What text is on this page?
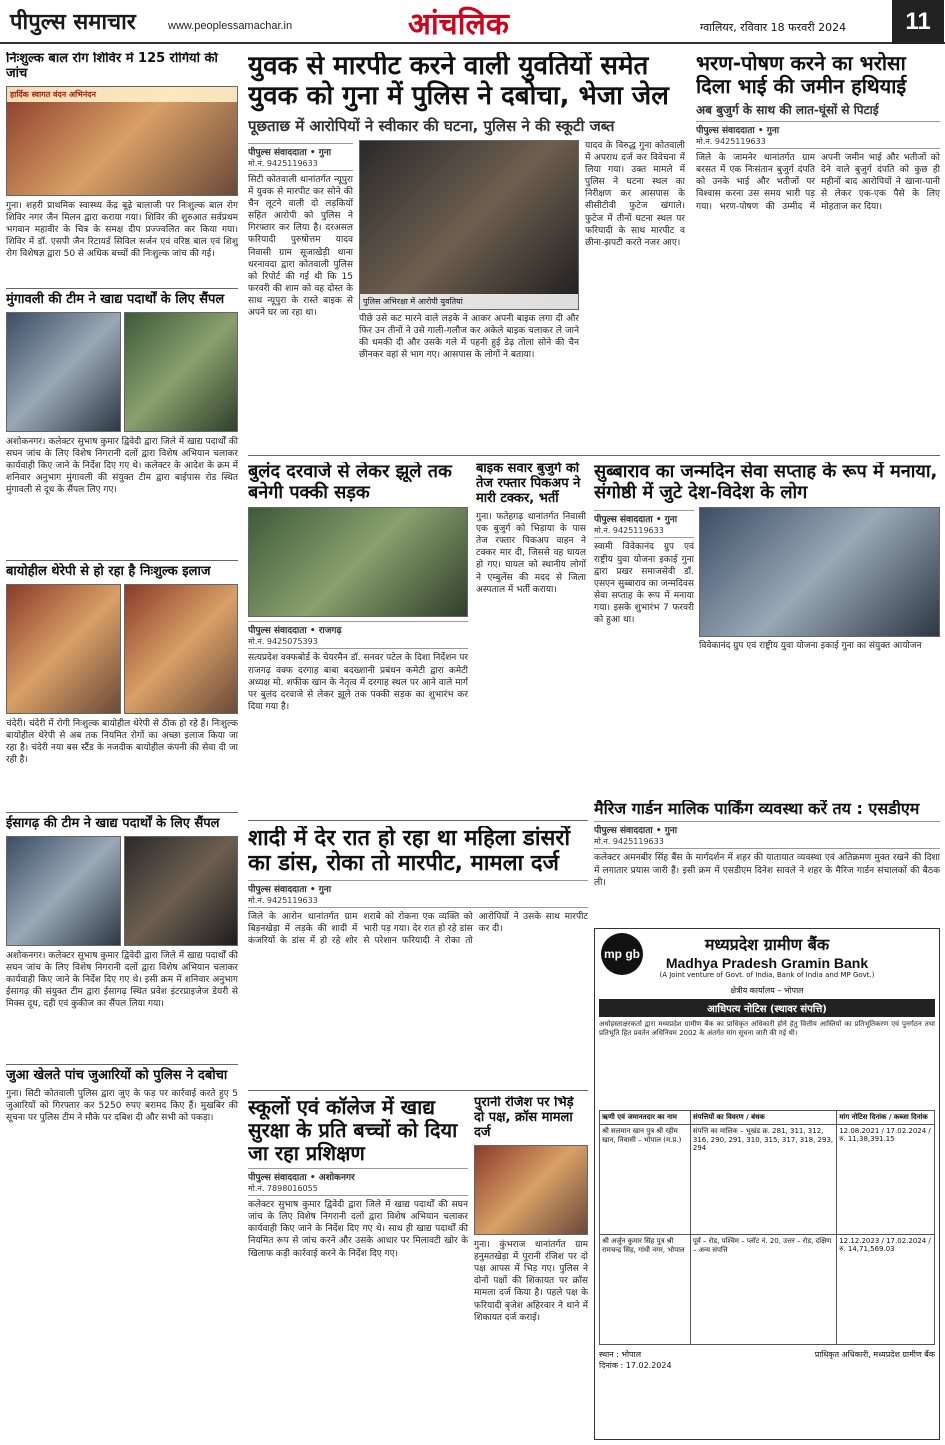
पीपुल्स समाचार	www.peoplessamachar.in	आंचलिक	ग्वालियर, रविवार 18 फरवरी 2024	11
निःशुल्क बाल रोग शिविर में 125 रोगियों की जांच
हार्दिक स्वागत वंदन अभिनंदन
गुना। शहरी प्राथमिक स्वास्थ्य केंद्र बूढ़े बालाजी पर निःशुल्क बाल रोग शिविर नगर जैन मिलन द्वारा कराया गया। शिविर की शुरुआत सर्वप्रथम भगवान महावीर के चित्र के समक्ष दीप प्रज्ज्वलित कर किया गया। शिविर में डॉ. एसपी जैन रिटायर्ड सिविल सर्जन एवं वरिष्ठ बाल एवं शिशु रोग विशेषज्ञ द्वारा 50 से अधिक बच्चों की निःशुल्क जांच की गई।
मुंगावली की टीम ने खाद्य पदार्थों के लिए सैंपल
अशोकनगर। कलेक्टर सुभाष कुमार द्विवेदी द्वारा जिले में खाद्य पदार्थों की सघन जांच के लिए विशेष निगरानी दलों द्वारा विशेष अभियान चलाकर कार्यवाही किए जाने के निर्देश दिए गए थे। कलेक्टर के आदेश के क्रम में शनिवार अनुभाग मुंगावली की संयुक्त टीम द्वारा बाईपास रोड स्थित मुंगावली से दूध के सैंपल लिए गए।
बायोहील थेरेपी से हो रहा है निःशुल्क इलाज
चंदेरी। चंदेरी में रोगी निःशुल्क बायोहील थेरेपी से ठीक हो रहे हैं। निःशुल्क बायोहील थेरेपी से अब तक नियमित रोगों का अच्छा इलाज किया जा रहा है। चंदेरी नया बस स्टैंड के नजदीक बायोहील कंपनी की सेवा दी जा रही है।
ईसागढ़ की टीम ने खाद्य पदार्थों के लिए सैंपल
अशोकनगर। कलेक्टर सुभाष कुमार द्विवेदी द्वारा जिले में खाद्य पदार्थों की सघन जांच के लिए विशेष निगरानी दलों द्वारा विशेष अभियान चलाकर कार्यवाही किए जाने के निर्देश दिए गए थे। इसी क्रम में शनिवार अनुभाग ईसागढ़ की संयुक्त टीम द्वारा ईसागढ़ स्थित प्रवेश इंटरप्राइजेज डेयरी से मिक्स दूध, दही एवं कुकीज का सैंपल लिया गया।
जुआ खेलते पांच जुआरियों को पुलिस ने दबोचा
गुना। सिटी कोतवाली पुलिस द्वारा जुए के फड़ पर कार्रवाई करते हुए 5 जुआरियों को गिरफ्तार कर 5250 रुपए बरामद किए हैं। मुखबिर की सूचना पर पुलिस टीम ने मौके पर दबिश दी और सभी को पकड़ा।
युवक से मारपीट करने वाली युवतियों समेत युवक को गुना में पुलिस ने दबोचा, भेजा जेल
पूछताछ में आरोपियों ने स्वीकार की घटना, पुलिस ने की स्कूटी जब्त
पीपुल्स संवाददाता • गुना
मो.नं. 9425119633
सिटी कोतवाली थानांतर्गत न्यूपुरा में युवक से मारपीट कर सोने की चैन लूटने वाली दो लड़कियों सहित आरोपी को पुलिस ने गिरफ्तार कर लिया है। दरअसल फरियादी पुरुषोत्तम यादव निवासी ग्राम सूजाखेड़ी थाना धरनावदा द्वारा कोतवाली पुलिस को रिपोर्ट की गई थी कि 15 फरवरी की शाम को वह दोस्त के साथ न्यूपुरा के रास्ते बाइक से अपने घर जा रहा था।
पुलिस अभिरक्षा में आरोपी युवतियां
पीछे उसे कट मारने वाले लड़के ने आकर अपनी बाइक लगा दी और फिर उन तीनों ने उसे गाली-गलौज कर अकेले बाइक चलाकर ले जाने की धमकी दी और उसके गले में पहनी हुई डेढ़ तोला सोने की चैन छीनकर वहां से भाग गए। आसपास के लोगों ने बताया।
यादव के विरुद्ध गुना कोतवाली में अपराध दर्ज कर विवेचना में लिया गया। उक्त मामले में पुलिस ने घटना स्थल का निरीक्षण कर आसपास के सीसीटीवी फुटेज खंगाले। फुटेज में तीनों घटना स्थल पर फरियादी के साथ मारपीट व छीना-झपटी करते नजर आए।
भरण-पोषण करने का भरोसा दिला भाई की जमीन हथियाई
अब बुजुर्ग के साथ की लात-घूंसों से पिटाई
पीपुल्स संवाददाता • गुना
मो.नं. 9425119633
जिले के जामनेर थानांतर्गत ग्राम बरसत में एक निःसंतान बुजुर्ग दंपति को उनके भाई और भतीजों पर विश्वास करना उस समय भारी पड़ गया। भरण-पोषण की उम्मीद में अपनी जमीन भाई और भतीजों को देने वाले बुजुर्ग दंपति को कुछ ही महीनों बाद आरोपियों ने खाना-पानी से लेकर एक-एक पैसे के लिए मोहताज कर दिया।
बुलंद दरवाजे से लेकर झूले तक बनेगी पक्की सड़क
पीपुल्स संवाददाता • राजगढ़
मो.नं. 9425075393
सत्यप्रदेश वक्फबोर्ड के चेयरमैन डॉ. सनवर पटेल के दिशा निर्देशन पर राजगढ़ वक्फ दरगाह बाबा बदख्शानी प्रबंधन कमेटी द्वारा कमेटी अध्यक्ष मो. शफीक खान के नेतृत्व में दरगाह स्थल पर आने वाले मार्ग पर बुलंद दरवाजे से लेकर झूले तक पक्की सड़क का शुभारंभ कर दिया गया है।
बाइक सवार बुजुर्ग को तेज रफ्तार पिकअप ने मारी टक्कर, भर्ती
गुना। फतेहगढ़ थानांतर्गत निवासी एक बुजुर्ग को भिड़ाया के पास तेज रफ्तार पिकअप वाहन ने टक्कर मार दी, जिससे वह घायल हो गए। घायल को स्थानीय लोगों ने एम्बुलेंस की मदद से जिला अस्पताल में भर्ती कराया।
सुब्बाराव का जन्मदिन सेवा सप्ताह के रूप में मनाया, संगोष्ठी में जुटे देश-विदेश के लोग
पीपुल्स संवाददाता • गुना
मो.नं. 9425119633
स्वामी विवेकानंद ग्रुप एवं राष्ट्रीय युवा योजना इकाई गुना द्वारा प्रखर समाजसेवी डॉ. एसएन सुब्बाराव का जन्मदिवस सेवा सप्ताह के रूप में मनाया गया। इसके शुभारंभ 7 फरवरी को हुआ था।
विवेकानंद ग्रुप एवं राष्ट्रीय युवा योजना इकाई गुना का संयुक्त आयोजन
मैरिज गार्डन मालिक पार्किंग व्यवस्था करें तय : एसडीएम
पीपुल्स संवाददाता • गुना
मो.नं. 9425119633
कलेक्टर अमनबीर सिंह बैंस के मार्गदर्शन में शहर की यातायात व्यवस्था एवं अतिक्रमण मुक्त रखने की दिशा में लगातार प्रयास जारी हैं। इसी क्रम में एसडीएम दिनेश सावले ने शहर के मैरिज गार्डन संचालकों की बैठक ली।
शादी में देर रात हो रहा था महिला डांसरों का डांस, रोका तो मारपीट, मामला दर्ज
पीपुल्स संवाददाता • गुना
मो.नं. 9425119633
जिले के आरोन थानांतर्गत ग्राम बिड़नखेड़ा में लड़के की शादी में कंजरियों के डांस में हो रहे शोर शराबे को रोकना एक व्यक्ति को भारी पड़ गया। देर रात हो रहे डांस से परेशान फरियादी ने रोका तो आरोपियों ने उसके साथ मारपीट कर दी।
mp gb	मध्यप्रदेश ग्रामीण बैंक
Madhya Pradesh Gramin Bank
(A Joint venture of Govt. of India, Bank of India and MP Govt.)
क्षेत्रीय कार्यालय – भोपाल
आधिपत्य नोटिस (स्थावर संपत्ति)
अधोहस्ताक्षरकर्ता द्वारा मध्यप्रदेश ग्रामीण बैंक का प्राधिकृत अधिकारी होने हेतु वित्तीय आस्तियों का प्रतिभूतिकरण एवं पुनर्गठन तथा प्रतिभूति हित प्रवर्तन अधिनियम 2002 के अंतर्गत मांग सूचना जारी की गई थी।
ऋणी एवं जमानतदार का नाम	संपत्तियों का विवरण / बंधक	मांग नोटिस दिनांक / कब्जा दिनांक
श्री सलमान खान पुत्र श्री रहीम खान, निवासी – भोपाल (म.प्र.)	संपत्ति का मालिक – भूखंड क्र. 281, 311, 312, 316, 290, 291, 310, 315, 317, 318, 293, 294	12.08.2021 / 17.02.2024 / रु. 11,38,391.15
श्री अर्जुन कुमार सिंह पुत्र श्री रामचन्द्र सिंह, गांधी नगर, भोपाल	पूर्व – रोड, पश्चिम – प्लॉट नं. 20, उत्तर – रोड, दक्षिण – अन्य संपत्ति	12.12.2023 / 17.02.2024 / रु. 14,71,569.03
स्थान : भोपाल
दिनांक : 17.02.2024
प्राधिकृत अधिकारी, मध्यप्रदेश ग्रामीण बैंक
स्कूलों एवं कॉलेज में खाद्य सुरक्षा के प्रति बच्चों को दिया जा रहा प्रशिक्षण
पीपुल्स संवाददाता • अशोकनगर
मो.नं. 7898016055
कलेक्टर सुभाष कुमार द्विवेदी द्वारा जिले में खाद्य पदार्थों की सघन जांच के लिए विशेष निगरानी दलों द्वारा विशेष अभियान चलाकर कार्यवाही किए जाने के निर्देश दिए गए थे। साथ ही खाद्य पदार्थों की नियमित रूप से जांच करने और उसके आधार पर मिलावटी खोर के खिलाफ कड़ी कार्रवाई करने के निर्देश दिए गए।
पुरानी रंजिश पर भिड़े दो पक्ष, क्रॉस मामला दर्ज
गुना। कुंभराज थानांतर्गत ग्राम हनुमतखेड़ा में पुरानी रंजिश पर दो पक्ष आपस में भिड़ गए। पुलिस ने दोनों पक्षों की शिकायत पर क्रॉस मामला दर्ज किया है। पहले पक्ष के फरियादी बृजेश अहिरवार ने थाने में शिकायत दर्ज कराई।
